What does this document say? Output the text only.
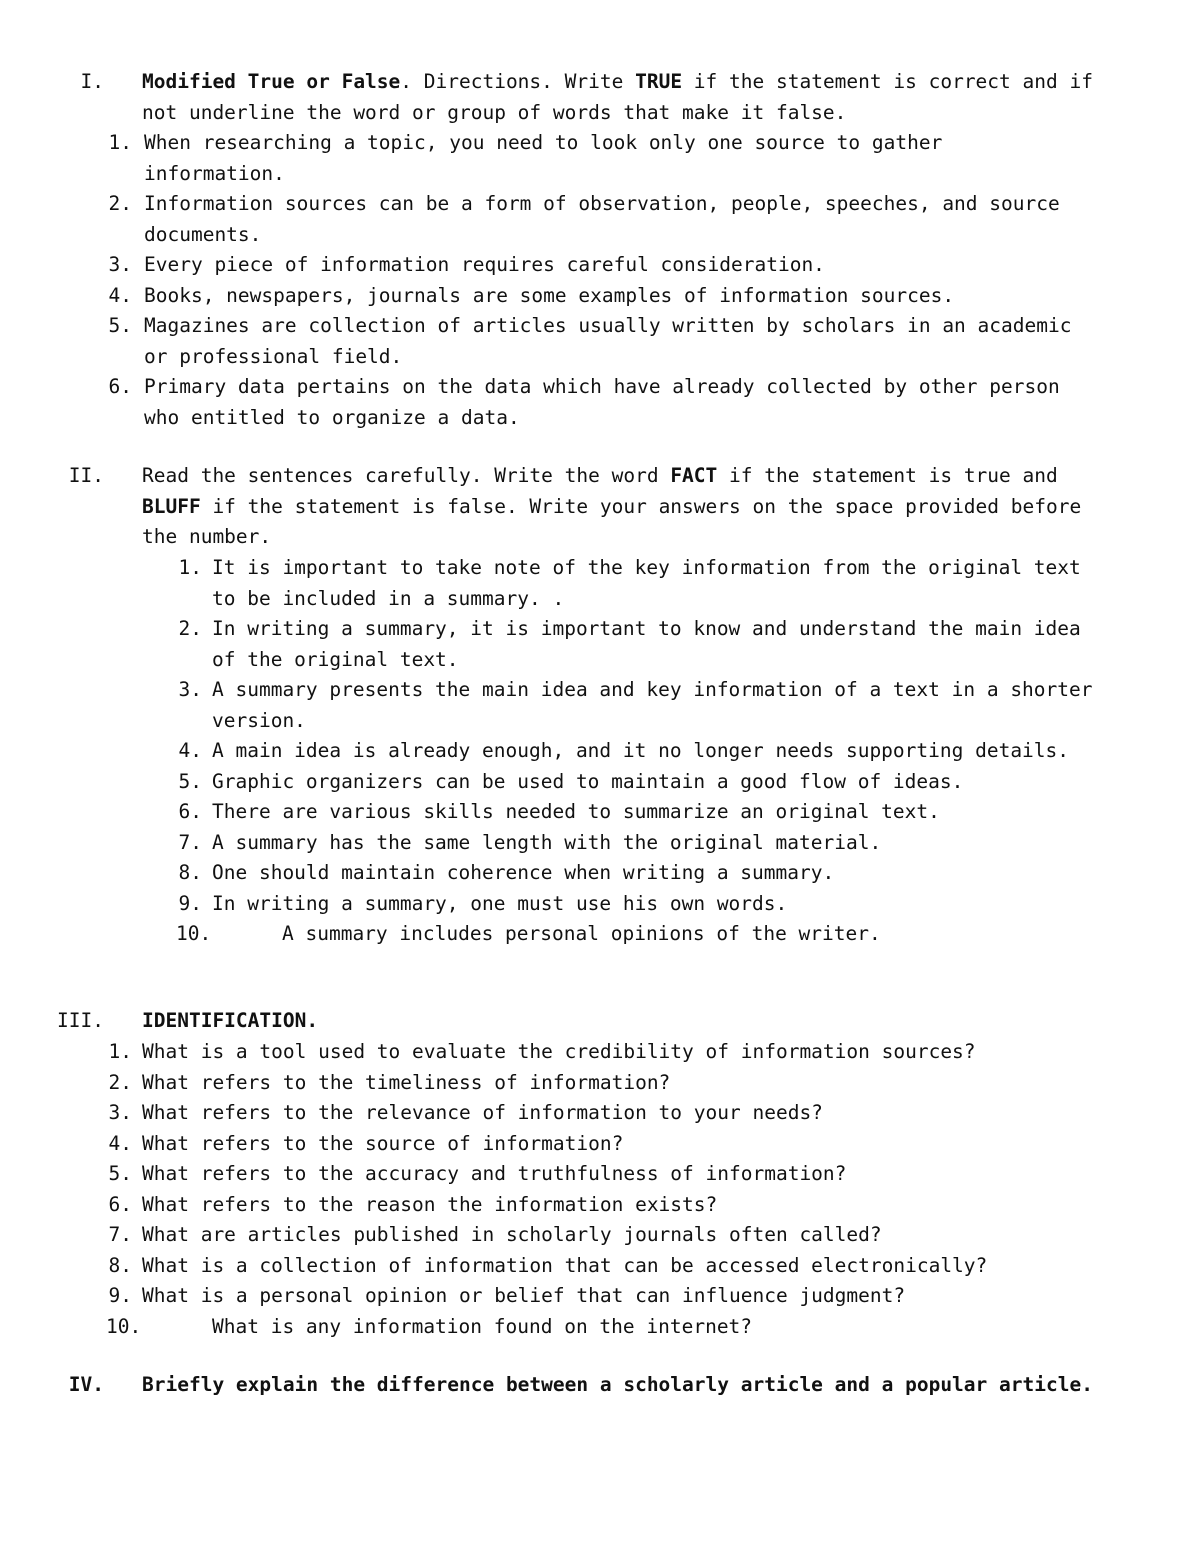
I. Modified True or False. Directions. Write TRUE if the statement is correct and if not underline the word or group of words that make it false.
1. When researching a topic, you need to look only one source to gather information.
2. Information sources can be a form of observation, people, speeches, and source documents.
3. Every piece of information requires careful consideration.
4. Books, newspapers, journals are some examples of information sources.
5. Magazines are collection of articles usually written by scholars in an academic or professional field.
6. Primary data pertains on the data which have already collected by other person who entitled to organize a data.
II. Read the sentences carefully. Write the word FACT if the statement is true and BLUFF if the statement is false. Write your answers on the space provided before the number.
1. It is important to take note of the key information from the original text to be included in a summary. .
2. In writing a summary, it is important to know and understand the main idea of the original text.
3. A summary presents the main idea and key information of a text in a shorter version.
4. A main idea is already enough, and it no longer needs supporting details.
5. Graphic organizers can be used to maintain a good flow of ideas.
6. There are various skills needed to summarize an original text.
7. A summary has the same length with the original material.
8. One should maintain coherence when writing a summary.
9. In writing a summary, one must use his own words.
10.	A summary includes personal opinions of the writer.
III. IDENTIFICATION.
1. What is a tool used to evaluate the credibility of information sources?
2. What refers to the timeliness of information?
3. What refers to the relevance of information to your needs?
4. What refers to the source of information?
5. What refers to the accuracy and truthfulness of information?
6. What refers to the reason the information exists?
7. What are articles published in scholarly journals often called?
8. What is a collection of information that can be accessed electronically?
9. What is a personal opinion or belief that can influence judgment?
10.	What is any information found on the internet?
IV. Briefly explain the difference between a scholarly article and a popular article.
